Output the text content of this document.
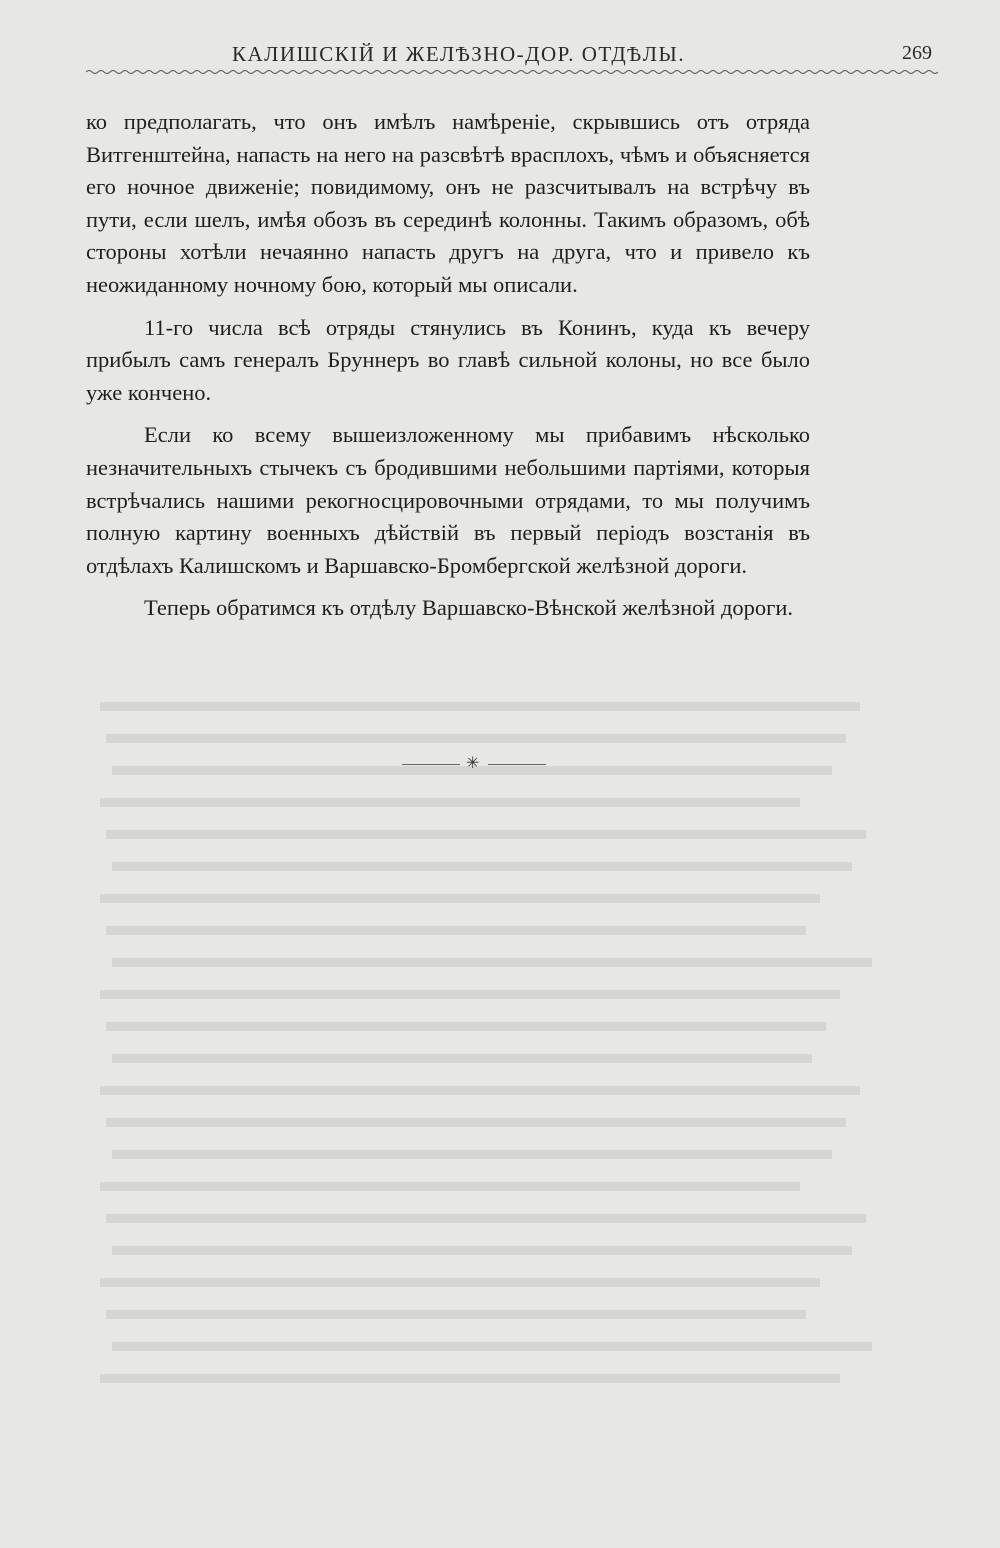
КАЛИШСКІЙ И ЖЕЛѢЗНО-ДОР. ОТДѢЛЫ.	269

ко предполагать, что онъ имѣлъ намѣреніе, скрывшись отъ отряда Витгенштейна, напасть на него на разсвѣтѣ врасплохъ, чѣмъ и объясняется его ночное движеніе; повидимому, онъ не разсчитывалъ на встрѣчу въ пути, если шелъ, имѣя обозъ въ серединѣ колонны. Такимъ образомъ, обѣ стороны хотѣли нечаянно напасть другъ на друга, что и привело къ неожиданному ночному бою, который мы описали.

11-го числа всѣ отряды стянулись въ Конинъ, куда къ вечеру прибылъ самъ генералъ Бруннеръ во главѣ сильной колоны, но все было уже кончено.

Если ко всему вышеизложенному мы прибавимъ нѣсколько незначительныхъ стычекъ съ бродившими небольшими партіями, которыя встрѣчались нашими рекогносцировочными отрядами, то мы получимъ полную картину военныхъ дѣйствій въ первый періодъ возстанія въ отдѣлахъ Калишскомъ и Варшавско-Бромбергской желѣзной дороги.

Теперь обратимся къ отдѣлу Варшавско-Вѣнской желѣзной дороги.

✳
